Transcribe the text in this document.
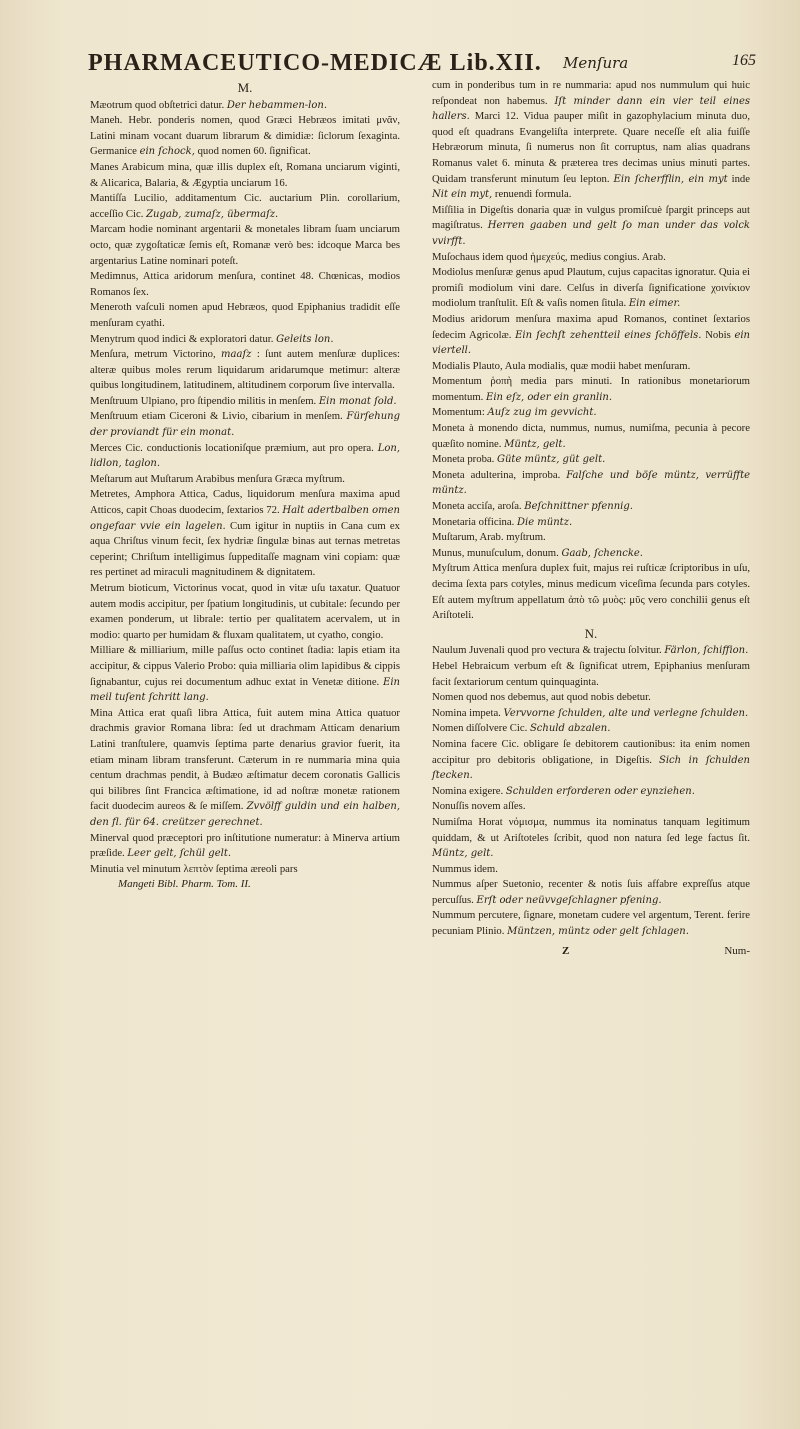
PHARMACEUTICO-MEDICÆ Lib.XII. Menſura	165
M.

Mæotrum quod obſtetrici datur. Der hebammen-lon.

Maneh. Hebr. ponderis nomen, quod Græci Hebræos imitati μνᾶν, Latini minam vocant duarum librarum & dimidiæ: ſiclorum ſexaginta. Germanice ein ſchock, quod nomen 60. ſignificat.

Manes Arabicum mina, quæ illis duplex eſt, Romana unciarum viginti, & Alicarica, Balaria, & Ægyptia unciarum 16.

Mantiſſa Lucilio, additamentum Cic. auctarium Plin. corollarium, acceſſio Cic. Zugab, zumaſz, übermaſz.

Marcam hodie nominant argentarii & monetales libram ſuam unciarum octo, quæ zygoſtaticæ ſemis eſt, Romanæ verò bes: idcoque Marca bes argentarius Latine nominari poteſt.

Medimnus, Attica aridorum menſura, continet 48. Chœnicas, modios Romanos ſex.

Meneroth vaſculi nomen apud Hebræos, quod Epiphanius tradidit eſſe menſuram cyathi.

Menytrum quod indici & exploratori datur. Geleits lon.

Menſura, metrum Victorino, maaſz : ſunt autem menſuræ duplices: alteræ quibus moles rerum liquidarum aridarumque metimur: alteræ quibus longitudinem, latitudinem, altitudinem corporum ſive intervalla.

Menſtruum Ulpiano, pro ſtipendio militis in menſem. Ein monat ſold.

Menſtruum etiam Ciceroni & Livio, cibarium in menſem. Fürſehung der proviandt für ein monat.

Merces Cic. conductionis locationiſque præmium, aut pro opera. Lon, lidlon, taglon.

Meſtarum aut Muſtarum Arabibus menſura Græca myſtrum.

Metretes, Amphora Attica, Cadus, liquidorum menſura maxima apud Atticos, capit Choas duodecim, ſextarios 72. Halt adertbalben omen ongefaar vvie ein lagelen. Cum igitur in nuptiis in Cana cum ex aqua Chriſtus vinum fecit, ſex hydriæ ſingulæ binas aut ternas metretas ceperint; Chriſtum intelligimus ſuppeditaſſe magnam vini copiam: quæ res pertinet ad miraculi magnitudinem & dignitatem.

Metrum bioticum, Victorinus vocat, quod in vitæ uſu taxatur. Quatuor autem modis accipitur, per ſpatium longitudinis, ut cubitale: ſecundo per examen ponderum, ut librale: tertio per qualitatem acervalem, ut in modio: quarto per humidam & fluxam qualitatem, ut cyatho, congio.

Milliare & milliarium, mille paſſus octo continet ſtadia: lapis etiam ita accipitur, & cippus Valerio Probo: quia milliaria olim lapidibus & cippis ſignabantur, cujus rei documentum adhuc extat in Venetæ ditione. Ein meil tuſent ſchritt lang.

Mina Attica erat quaſi libra Attica, fuit autem mina Attica quatuor drachmis gravior Romana libra: ſed ut drachmam Atticam denarium Latini tranſtulere, quamvis ſeptima parte denarius gravior fuerit, ita etiam minam libram transferunt. Cæterum in re nummaria mina quia centum drachmas pendit, à Budæo æſtimatur decem coronatis Gallicis qui bilibres ſint Francica æſtimatione, id ad noſtræ monetæ rationem facit duodecim aureos & ſe miſſem. Zvvölff guldin und ein halben, den fl. für 64. creützer gerechnet.

Minerval quod præceptori pro inſtitutione numeratur: à Minerva artium præſide. Leer gelt, ſchül gelt.

Minutia vel minutum λεπτὸν ſeptima æreoli pars

Mangeti Bibl. Pharm. Tom. II.

cum in ponderibus tum in re nummaria: apud nos nummulum qui huic reſpondeat non habemus. Iſt minder dann ein vier teil eines hallers. Marci 12. Vidua pauper miſit in gazophylacium minuta duo, quod eſt quadrans Evangeliſta interprete. Quare neceſſe eſt alia fuiſſe Hebræorum minuta, ſi numerus non ſit corruptus, nam alias quadrans Romanus valet 6. minuta & præterea tres decimas unius minuti partes. Quidam transferunt minutum ſeu lepton. Ein ſcherfflin, ein myt inde Nit ein myt, renuendi formula.

Miſſilia in Digeſtis donaria quæ in vulgus promiſcuè ſpargit princeps aut magiſtratus. Herren gaaben und gelt ſo man under das volck vvirfft.

Muſochaus idem quod ἡμεχεύς, medius congius. Arab.

Modiolus menſuræ genus apud Plautum, cujus capacitas ignoratur. Quia ei promiſi modiolum vini dare. Celſus in diverſa ſignificatione χοινίκιον modiolum tranſtulit. Eſt & vaſis nomen ſitula. Ein eimer.

Modius aridorum menſura maxima apud Romanos, continet ſextarios ſedecim Agricolæ. Ein ſechſt zehentteil eines ſchöffels. Nobis ein viertell.

Modialis Plauto, Aula modialis, quæ modii habet menſuram.

Momentum ῥοπὴ media pars minuti. In rationibus monetariorum momentum. Ein eſz, oder ein granlin.

Momentum: Auſz zug im gevvicht.

Moneta à monendo dicta, nummus, numus, numiſma, pecunia à pecore quæſito nomine. Müntz, gelt.

Moneta proba. Güte müntz, güt gelt.

Moneta adulterina, improba. Falſche und böſe müntz, verrüffte müntz.

Moneta acciſa, aroſa. Beſchnittner pfennig.

Monetaria officina. Die müntz.

Muſtarum, Arab. myſtrum.

Munus, munuſculum, donum. Gaab, ſchencke.

Myſtrum Attica menſura duplex fuit, majus rei ruſticæ ſcriptoribus in uſu, decima ſexta pars cotyles, minus medicum viceſima ſecunda pars cotyles. Eſt autem myſtrum appellatum ἀπὸ τῶ μυὸς: μῦς vero conchilii genus eſt Ariſtoteli.

N.

Naulum Juvenali quod pro vectura & trajectu ſolvitur. Färlon, ſchiffion.

Hebel Hebraicum verbum eſt & ſignificat utrem, Epiphanius menſuram facit ſextariorum centum quinquaginta.

Nomen quod nos debemus, aut quod nobis debetur.

Nomina impeta. Vervvorne ſchulden, alte und verlegne ſchulden.

Nomen diſſolvere Cic. Schuld abzalen.

Nomina facere Cic. obligare ſe debitorem cautionibus: ita enim nomen accipitur pro debitoris obligatione, in Digeſtis. Sich in ſchulden ſtecken.

Nomina exigere. Schulden erforderen oder eynziehen.

Nonuſſis novem aſſes.

Numiſma Horat νόμισμα, nummus ita nominatus tanquam legitimum quiddam, & ut Ariſtoteles ſcribit, quod non natura ſed lege factus ſit. Müntz, gelt.

Nummus idem.

Nummus aſper Suetonio, recenter & notis ſuis affabre expreſſus atque percuſſus. Erſt oder neüvvgeſchlagner pfening.

Nummum percutere, ſignare, monetam cudere vel argentum, Terent. ferire pecuniam Plinio. Müntzen, müntz oder gelt ſchlagen.

Z	Num-
